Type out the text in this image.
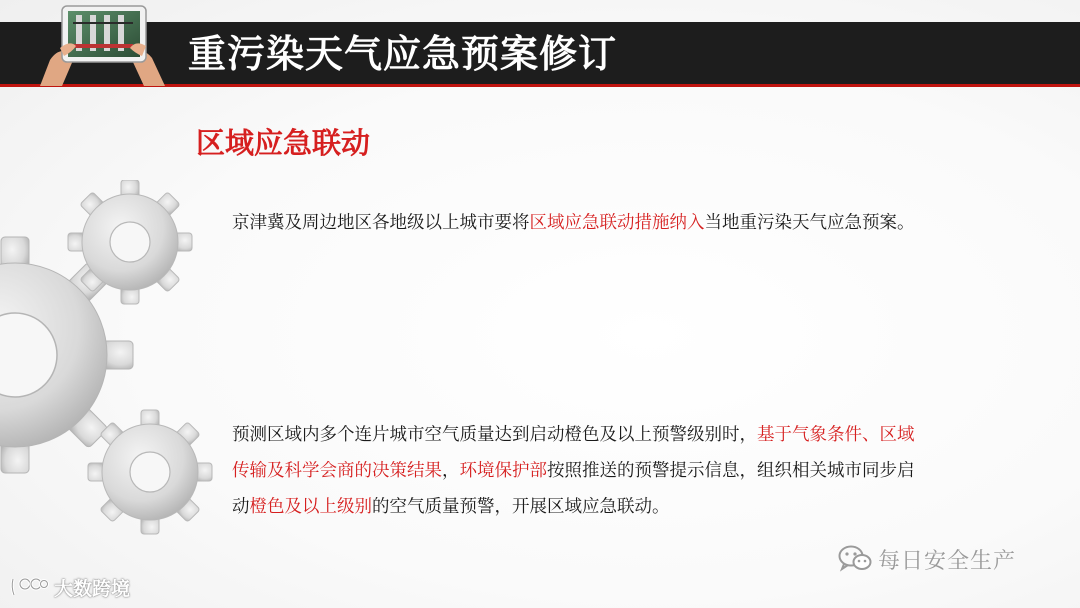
重污染天气应急预案修订
区域应急联动

京津冀及周边地区各地级以上城市要将区域应急联动措施纳入当地重污染天气应急预案。

预测区域内多个连片城市空气质量达到启动橙色及以上预警级别时，基于气象条件、区域传输及科学会商的决策结果，环境保护部按照推送的预警提示信息，组织相关城市同步启动橙色及以上级别的空气质量预警，开展区域应急联动。

每日安全生产
大数跨境
